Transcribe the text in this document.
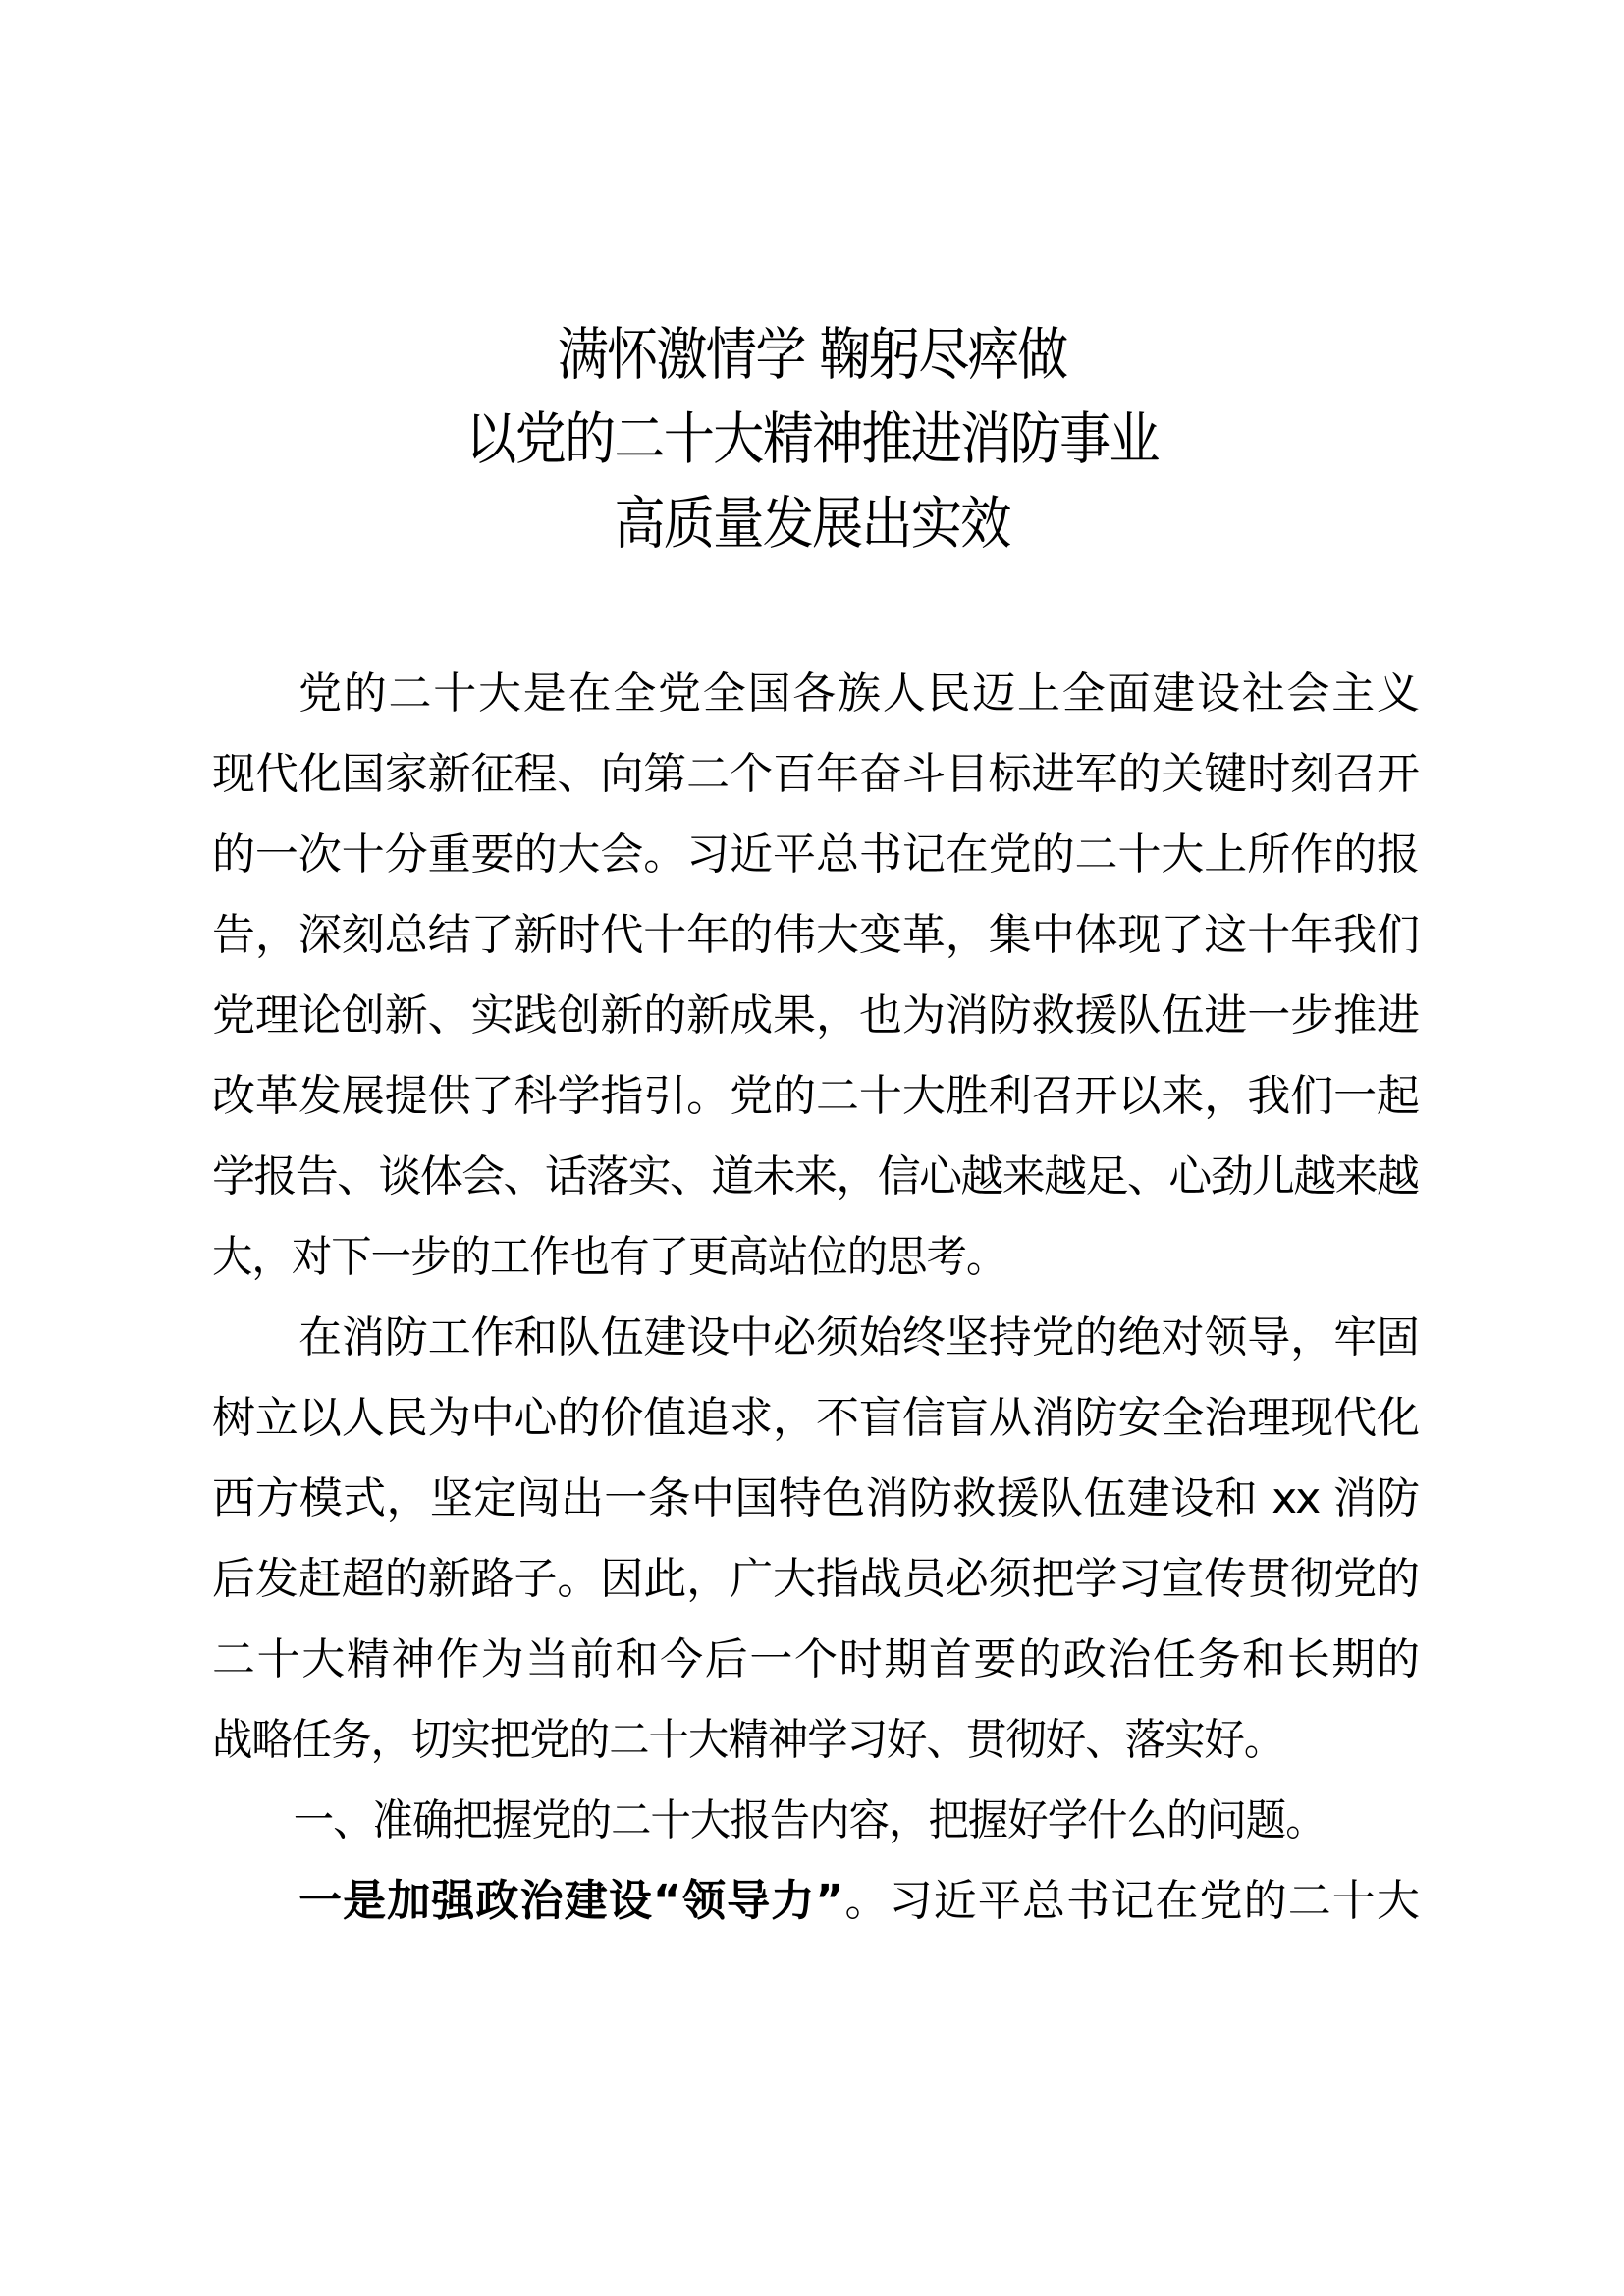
满怀激情学 鞠躬尽瘁做
以党的二十大精神推进消防事业
高质量发展出实效
党的二十大是在全党全国各族人民迈上全面建设社会主义
现代化国家新征程、向第二个百年奋斗目标进军的关键时刻召开
的一次十分重要的大会。习近平总书记在党的二十大上所作的报
告，深刻总结了新时代十年的伟大变革，集中体现了这十年我们
党理论创新、实践创新的新成果，也为消防救援队伍进一步推进
改革发展提供了科学指引。党的二十大胜利召开以来，我们一起
学报告、谈体会、话落实、道未来，信心越来越足、心劲儿越来越
大，对下一步的工作也有了更高站位的思考。
在消防工作和队伍建设中必须始终坚持党的绝对领导，牢固
树立以人民为中心的价值追求，不盲信盲从消防安全治理现代化
西方模式，坚定闯出一条中国特色消防救援队伍建设和 xx 消防
后发赶超的新路子。因此，广大指战员必须把学习宣传贯彻党的
二十大精神作为当前和今后一个时期首要的政治任务和长期的
战略任务，切实把党的二十大精神学习好、贯彻好、落实好。
一、准确把握党的二十大报告内容，把握好学什么的问题。
一是加强政治建设“领导力”。习近平总书记在党的二十大
